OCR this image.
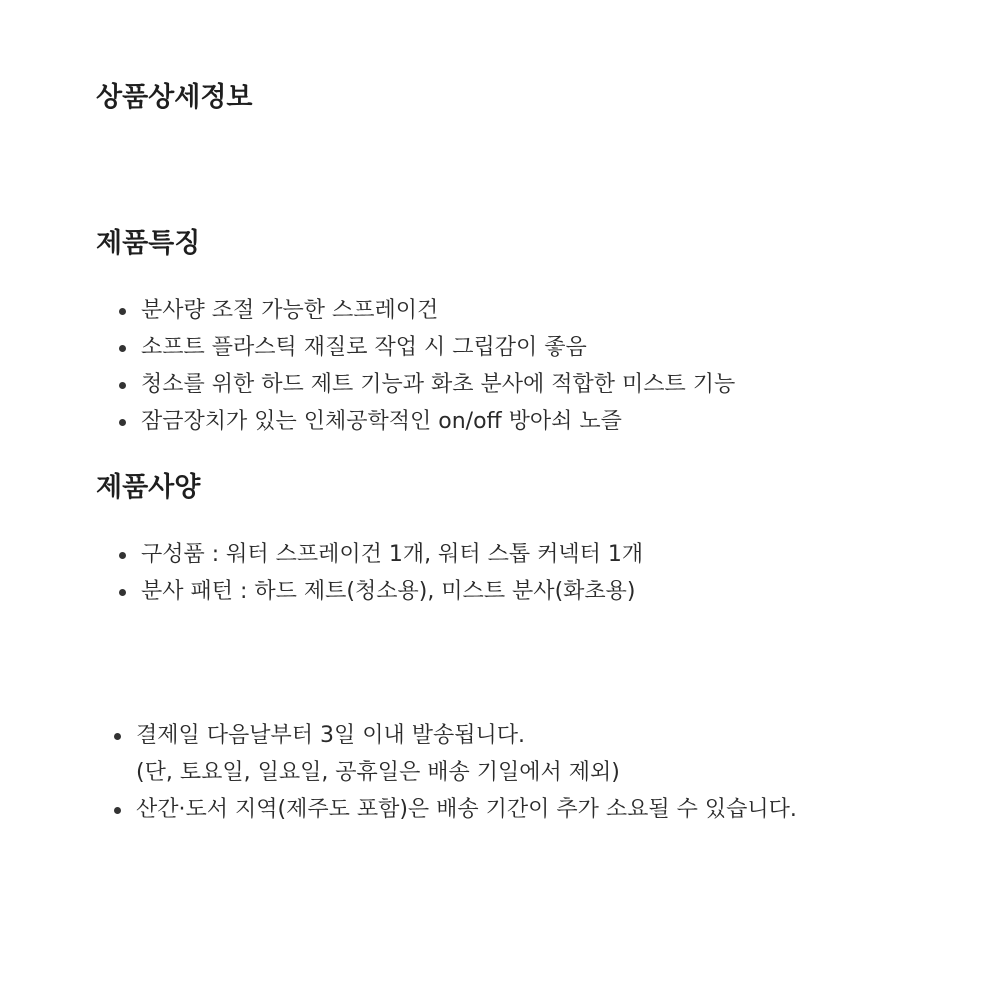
상품상세정보
제품특징
분사량 조절 가능한 스프레이건
소프트 플라스틱 재질로 작업 시 그립감이 좋음
청소를 위한 하드 제트 기능과 화초 분사에 적합한 미스트 기능
잠금장치가 있는 인체공학적인 on/off 방아쇠 노즐
제품사양
구성품 : 워터 스프레이건 1개, 워터 스톱 커넥터 1개
분사 패턴 : 하드 제트(청소용), 미스트 분사(화초용)
결제일 다음날부터 3일 이내 발송됩니다.
(단, 토요일, 일요일, 공휴일은 배송 기일에서 제외)
산간·도서 지역(제주도 포함)은 배송 기간이 추가 소요될 수 있습니다.
